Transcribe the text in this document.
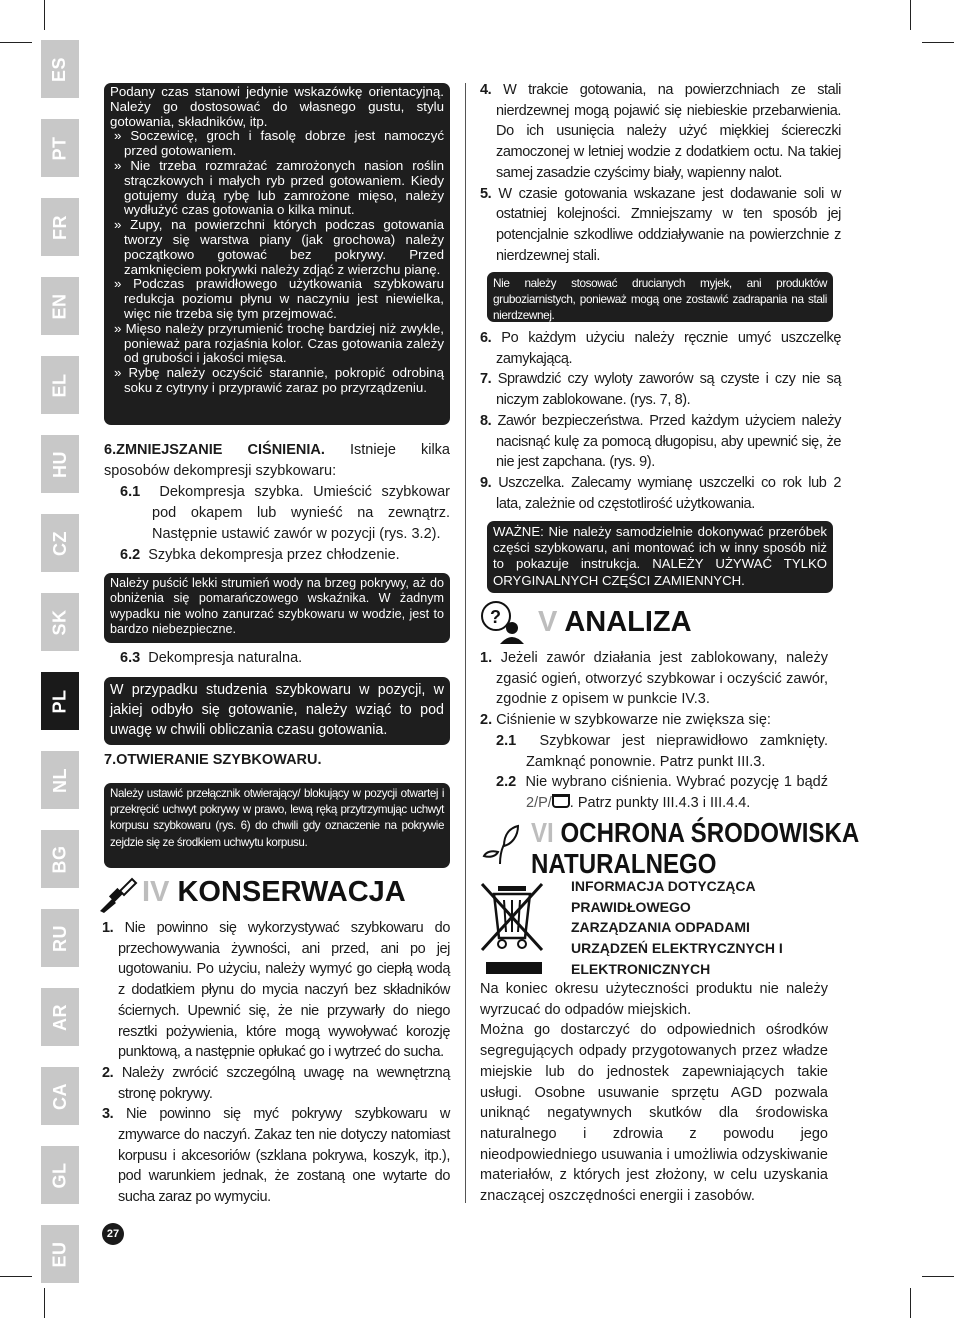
ES
PT
FR
EN
EL
HU
CZ
SK
PL
NL
BG
RU
AR
CA
GL
EU

Podany czas stanowi jedynie wskazówkę orientacyjną. Należy go dostosować do własnego gustu, stylu gotowania, składników, itp.

» Soczewicę, groch i fasolę dobrze jest namoczyć przed gotowaniem.

» Nie trzeba rozmrażać zamrożonych nasion roślin strączkowych i małych ryb przed gotowaniem. Kiedy gotujemy dużą rybę lub zamrożone mięso, należy wydłużyć czas gotowania o kilka minut.

» Zupy, na powierzchni których podczas gotowania tworzy się warstwa piany (jak grochowa) należy początkowo gotować bez pokrywy. Przed zamknięciem pokrywki należy zdjąć z wierzchu pianę.

» Podczas prawidłowego użytkowania szybkowaru redukcja poziomu płynu w naczyniu jest niewielka, więc nie trzeba się tym przejmować.

» Mięso należy przyrumienić trochę bardziej niż zwykle, ponieważ para rozjaśnia kolor. Czas gotowania zależy od grubości i jakości mięsa.

» Rybę należy oczyścić starannie, pokropić odrobiną soku z cytryny i przyprawić zaraz po przyrządzeniu.

6.ZMNIEJSZANIE CIŚNIENIA. Istnieje kilka sposobów dekompresji szybkowaru:

6.1 Dekompresja szybka. Umieścić szybkowar pod okapem lub wynieść na zewnątrz. Następnie ustawić zawór w pozycji (rys. 3.2).

6.2 Szybka dekompresja przez chłodzenie.

Należy puścić lekki strumień wody na brzeg pokrywy, aż do obniżenia się pomarańczowego wskaźnika. W żadnym wypadku nie wolno zanurzać szybkowaru w wodzie, jest to bardzo niebezpieczne.

6.3 Dekompresja naturalna.

W przypadku studzenia szybkowaru w pozycji, w jakiej odbyło się gotowanie, należy wziąć to pod uwagę w chwili obliczania czasu gotowania.

7.OTWIERANIE SZYBKOWARU.

Należy ustawić przełącznik otwierający/ blokujący w pozycji otwartej i przekręcić uchwyt pokrywy w prawo, lewą ręką przytrzymując uchwyt korpusu szybkowaru (rys. 6) do chwili gdy oznaczenie na pokrywie zejdzie się ze środkiem uchwytu korpusu.

IV KONSERWACJA

1. Nie powinno się wykorzystywać szybkowaru do przechowywania żywności, ani przed, ani po jej ugotowaniu. Po użyciu, należy wymyć go ciepłą wodą z dodatkiem płynu do mycia naczyń bez składników ściernych. Upewnić się, że nie przywarły do niego resztki pożywienia, które mogą wywoływać korozję punktową, a następnie opłukać go i wytrzeć do sucha.

2. Należy zwrócić szczególną uwagę na wewnętrzną stronę pokrywy.

3. Nie powinno się myć pokrywy szybkowaru w zmywarce do naczyń. Zakaz ten nie dotyczy natomiast korpusu i akcesoriów (szklana pokrywa, koszyk, itp.), pod warunkiem jednak, że zostaną one wytarte do sucha zaraz po wymyciu.

27

4. W trakcie gotowania, na powierzchniach ze stali nierdzewnej mogą pojawić się niebieskie przebarwienia. Do ich usunięcia należy użyć miękkiej ściereczki zamoczonej w letniej wodzie z dodatkiem octu. Na takiej samej zasadzie czyścimy biały, wapienny nalot.

5. W czasie gotowania wskazane jest dodawanie soli w ostatniej kolejności. Zmniejszamy w ten sposób jej potencjalnie szkodliwe oddziaływanie na powierzchnie z nierdzewnej stali.

Nie należy stosować drucianych myjek, ani produktów gruboziarnistych, ponieważ mogą one zostawić zadrapania na stali nierdzewnej.

6. Po każdym użyciu należy ręcznie umyć uszczelkę zamykającą.

7. Sprawdzić czy wyloty zaworów są czyste i czy nie są niczym zablokowane. (rys. 7, 8).

8. Zawór bezpieczeństwa. Przed każdym użyciem należy nacisnąć kulę za pomocą długopisu, aby upewnić się, że nie jest zapchana. (rys. 9).

9. Uszczelka. Zalecamy wymianę uszczelki co rok lub 2 lata, zależnie od częstotlirość użytkowania.

WAŻNE: Nie należy samodzielnie dokonywać przeróbek części szybkowaru, ani montować ich w inny sposób niż to pokazuje instrukcja. NALEŻY UŻYWAĆ TYLKO ORYGINALNYCH CZĘŚCI ZAMIENNYCH.

? V ANALIZA

1. Jeżeli zawór działania jest zablokowany, należy zgasić ogień, otworzyć szybkowar i oczyścić zawór, zgodnie z opisem w punkcie IV.3.

2. Ciśnienie w szybkowarze nie zwiększa się:

2.1 Szybkowar jest nieprawidłowo zamknięty. Zamknąć ponownie. Patrz punkt III.3.

2.2 Nie wybrano ciśnienia. Wybrać pozycję 1 bądź 2/P/ . Patrz punkty III.4.3 i III.4.4.

VI OCHRONA ŚRODOWISKA
NATURALNEGO
INFORMACJA DOTYCZĄCA
PRAWIDŁOWEGO
ZARZĄDZANIA ODPADAMI
URZĄDZEŃ ELEKTRYCZNYCH I
ELEKTRONICZNYCH

Na koniec okresu użyteczności produktu nie należy wyrzucać do odpadów miejskich.

Można go dostarczyć do odpowiednich ośrodków segregujących odpady przygotowanych przez władze miejskie lub do jednostek zapewniających takie usługi. Osobne usuwanie sprzętu AGD pozwala uniknąć negatywnych skutków dla środowiska naturalnego i zdrowia z powodu jego nieodpowiedniego usuwania i umożliwia odzyskiwanie materiałów, z których jest złożony, w celu uzyskania znaczącej oszczędności energii i zasobów.
